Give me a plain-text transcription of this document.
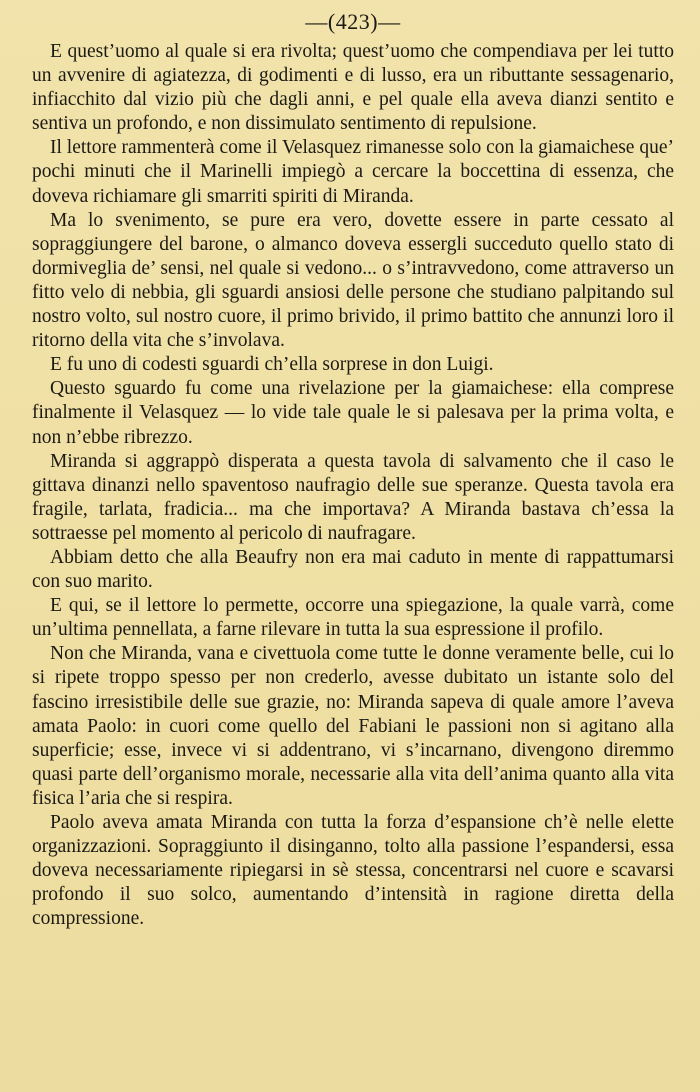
—(423)—

E quest’uomo al quale si era rivolta; quest’uomo che compendiava per lei tutto un avvenire di agiatezza, di godimenti e di lusso, era un ributtante sessagenario, infiacchito dal vizio più che dagli anni, e pel quale ella aveva dianzi sentito e sentiva un profondo, e non dissimulato sentimento di repulsione.

Il lettore rammenterà come il Velasquez rimanesse solo con la giamaichese que’ pochi minuti che il Marinelli impiegò a cercare la boccettina di essenza, che doveva richiamare gli smarriti spiriti di Miranda.

Ma lo svenimento, se pure era vero, dovette essere in parte cessato al sopraggiungere del barone, o almanco doveva essergli succeduto quello stato di dormiveglia de’ sensi, nel quale si vedono... o s’intravvedono, come attraverso un fitto velo di nebbia, gli sguardi ansiosi delle persone che studiano palpitando sul nostro volto, sul nostro cuore, il primo brivido, il primo battito che annunzi loro il ritorno della vita che s’involava.

E fu uno di codesti sguardi ch’ella sorprese in don Luigi.

Questo sguardo fu come una rivelazione per la giamaichese: ella comprese finalmente il Velasquez — lo vide tale quale le si palesava per la prima volta, e non n’ebbe ribrezzo.

Miranda si aggrappò disperata a questa tavola di salvamento che il caso le gittava dinanzi nello spaventoso naufragio delle sue speranze. Questa tavola era fragile, tarlata, fradicia... ma che importava? A Miranda bastava ch’essa la sottraesse pel momento al pericolo di naufragare.

Abbiam detto che alla Beaufry non era mai caduto in mente di rappattumarsi con suo marito.

E qui, se il lettore lo permette, occorre una spiegazione, la quale varrà, come un’ultima pennellata, a farne rilevare in tutta la sua espressione il profilo.

Non che Miranda, vana e civettuola come tutte le donne veramente belle, cui lo si ripete troppo spesso per non crederlo, avesse dubitato un istante solo del fascino irresistibile delle sue grazie, no: Miranda sapeva di quale amore l’aveva amata Paolo: in cuori come quello del Fabiani le passioni non si agitano alla superficie; esse, invece vi si addentrano, vi s’incarnano, divengono diremmo quasi parte dell’organismo morale, necessarie alla vita dell’anima quanto alla vita fisica l’aria che si respira.

Paolo aveva amata Miranda con tutta la forza d’espansione ch’è nelle elette organizzazioni. Sopraggiunto il disinganno, tolto alla passione l’espandersi, essa doveva necessariamente ripiegarsi in sè stessa, concentrarsi nel cuore e scavarsi profondo il suo solco, aumentando d’intensità in ragione diretta della compressione.
